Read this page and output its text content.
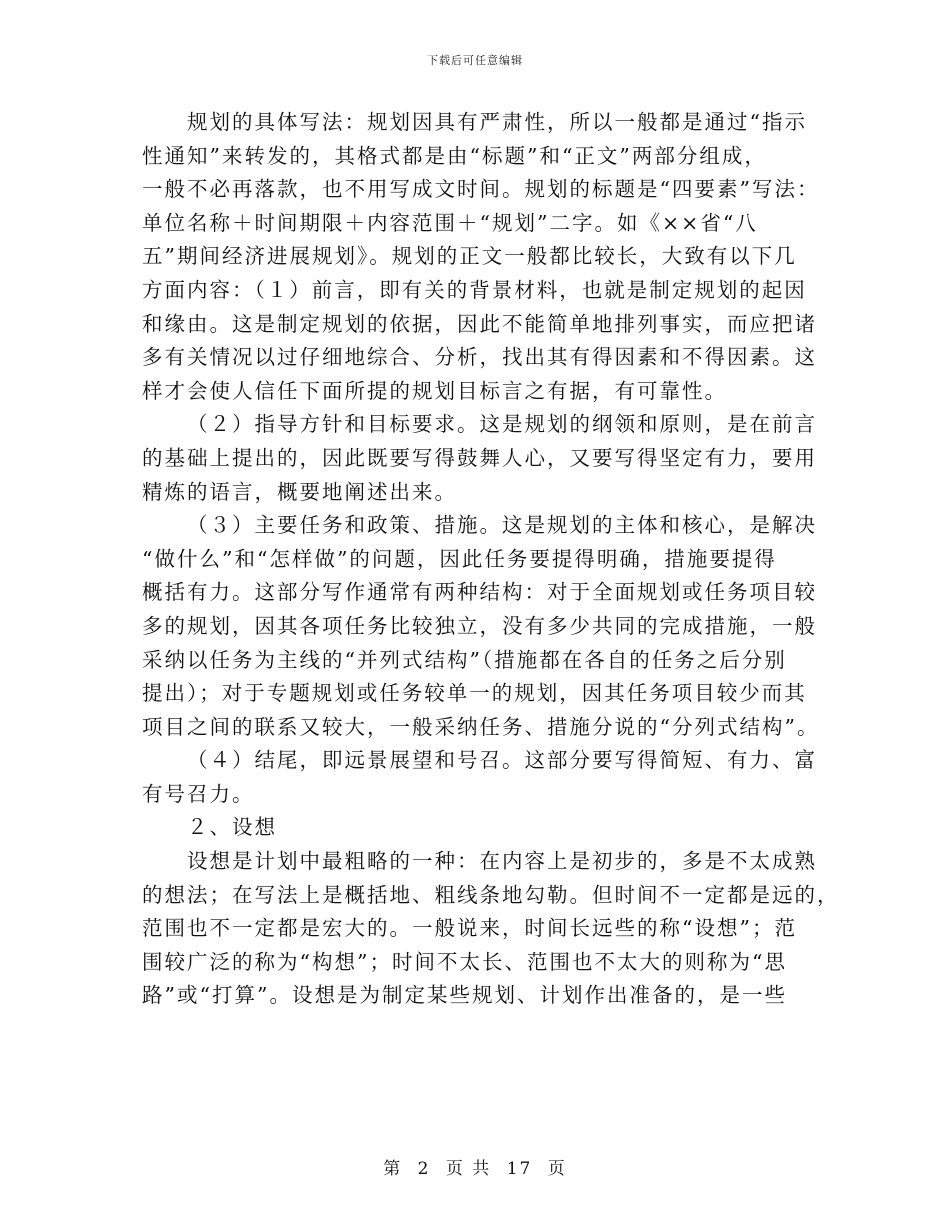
下载后可任意编辑
规划的具体写法：规划因具有严肃性，所以一般都是通过“指示
性通知”来转发的，其格式都是由“标题”和“正文”两部分组成，
一般不必再落款，也不用写成文时间。规划的标题是“四要素”写法：
单位名称＋时间期限＋内容范围＋“规划”二字。如《××省“八
五”期间经济进展规划》。规划的正文一般都比较长，大致有以下几
方面内容：（１）前言，即有关的背景材料，也就是制定规划的起因
和缘由。这是制定规划的依据，因此不能简单地排列事实，而应把诸
多有关情况以过仔细地综合、分析，找出其有得因素和不得因素。这
样才会使人信任下面所提的规划目标言之有据，有可靠性。
（２）指导方针和目标要求。这是规划的纲领和原则，是在前言
的基础上提出的，因此既要写得鼓舞人心，又要写得坚定有力，要用
精炼的语言，概要地阐述出来。
（３）主要任务和政策、措施。这是规划的主体和核心，是解决
“做什么”和“怎样做”的问题，因此任务要提得明确，措施要提得
概括有力。这部分写作通常有两种结构：对于全面规划或任务项目较
多的规划，因其各项任务比较独立，没有多少共同的完成措施，一般
采纳以任务为主线的“并列式结构”（措施都在各自的任务之后分别
提出）；对于专题规划或任务较单一的规划，因其任务项目较少而其
项目之间的联系又较大，一般采纳任务、措施分说的“分列式结构”。
（４）结尾，即远景展望和号召。这部分要写得简短、有力、富
有号召力。
２、设想
设想是计划中最粗略的一种：在内容上是初步的，多是不太成熟
的想法；在写法上是概括地、粗线条地勾勒。但时间不一定都是远的，
范围也不一定都是宏大的。一般说来，时间长远些的称“设想”；范
围较广泛的称为“构想”；时间不太长、范围也不太大的则称为“思
路”或“打算”。设想是为制定某些规划、计划作出准备的，是一些
第 2 页 共 17 页
